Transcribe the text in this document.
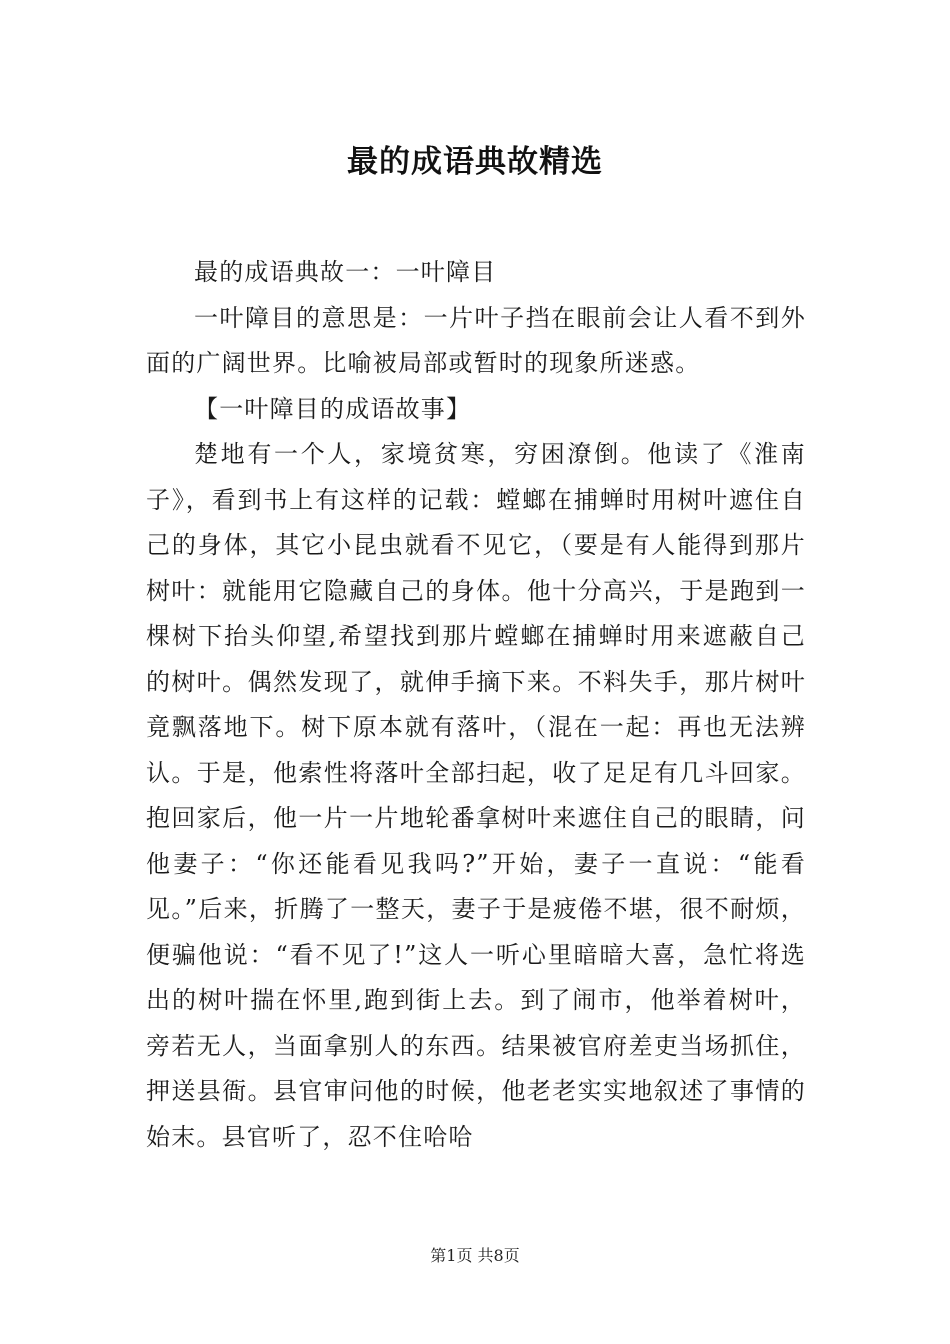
最的成语典故精选

最的成语典故一：一叶障目

一叶障目的意思是：一片叶子挡在眼前会让人看不到外面的广阔世界。比喻被局部或暂时的现象所迷惑。

【一叶障目的成语故事】

楚地有一个人，家境贫寒，穷困潦倒。他读了《淮南子》，看到书上有这样的记载：螳螂在捕蝉时用树叶遮住自己的身体，其它小昆虫就看不见它，（要是有人能得到那片树叶：就能用它隐藏自己的身体。他十分高兴，于是跑到一棵树下抬头仰望,希望找到那片螳螂在捕蝉时用来遮蔽自己的树叶。偶然发现了，就伸手摘下来。不料失手，那片树叶竟飘落地下。树下原本就有落叶，（混在一起：再也无法辨认。于是，他索性将落叶全部扫起，收了足足有几斗回家。抱回家后，他一片一片地轮番拿树叶来遮住自己的眼睛，问他妻子：“你还能看见我吗?”开始，妻子一直说：“能看见。”后来，折腾了一整天，妻子于是疲倦不堪，很不耐烦，便骗他说：“看不见了!”这人一听心里暗暗大喜，急忙将选出的树叶揣在怀里,跑到街上去。到了闹市，他举着树叶，旁若无人，当面拿别人的东西。结果被官府差吏当场抓住，押送县衙。县官审问他的时候，他老老实实地叙述了事情的始末。县官听了，忍不住哈哈

第1页 共8页
